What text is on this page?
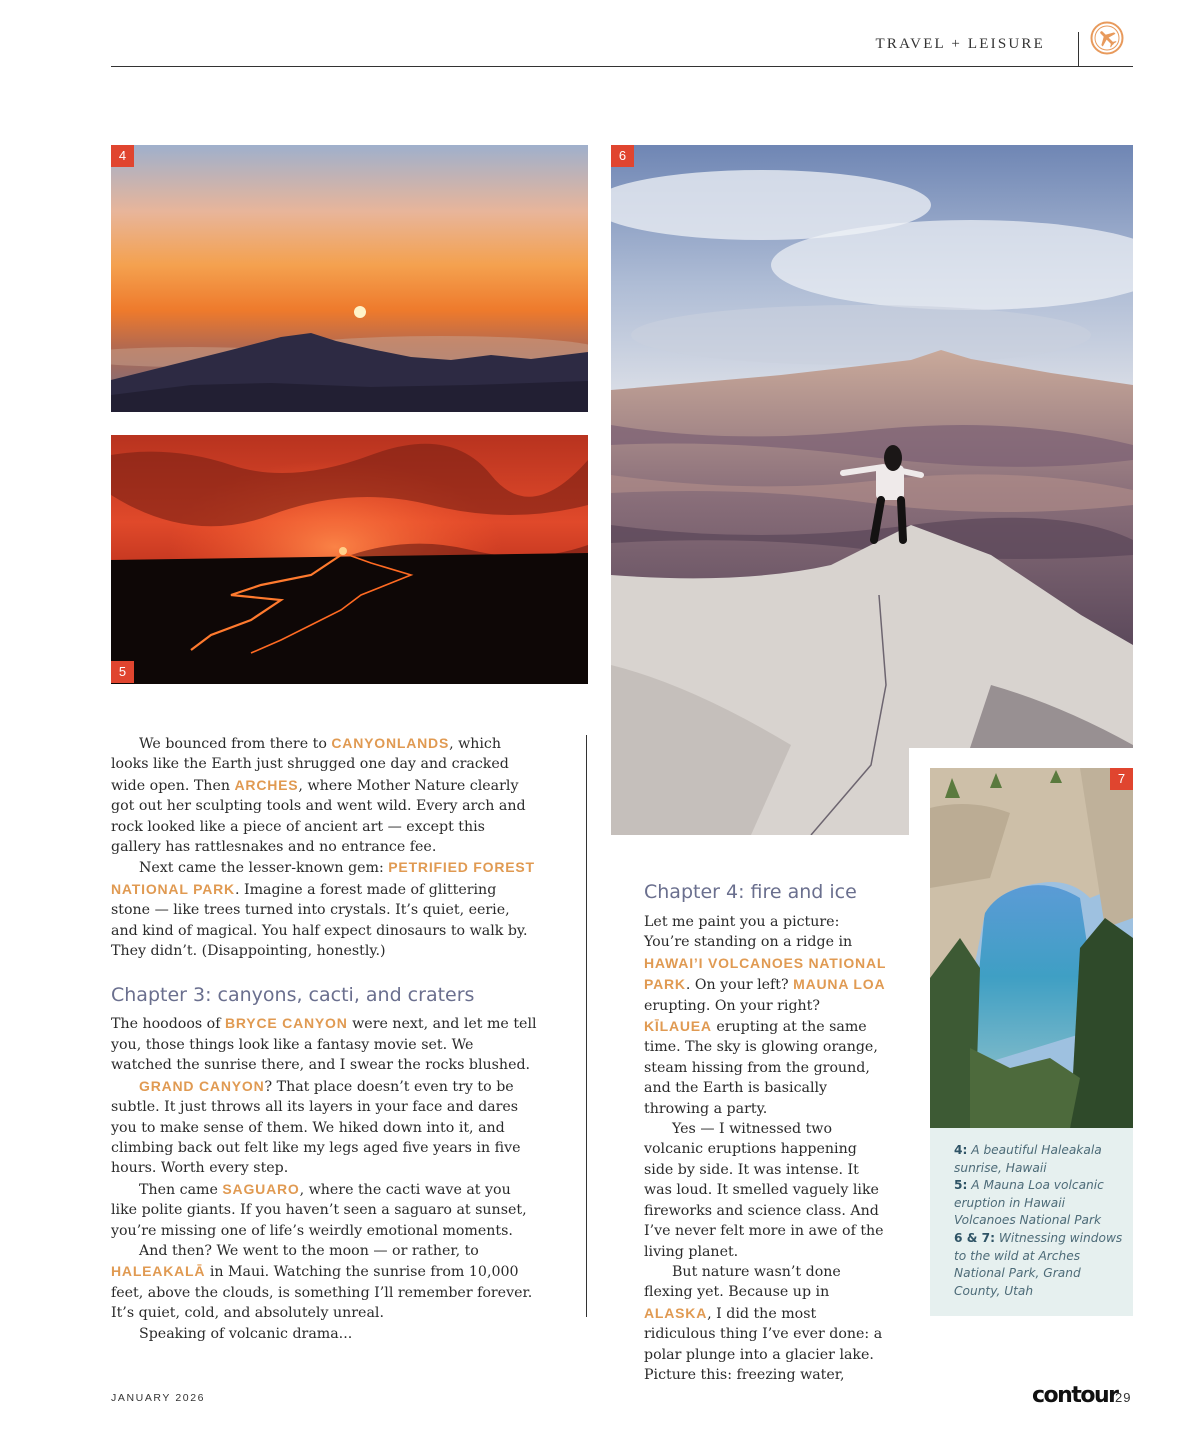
TRAVEL + LEISURE
4
5
6
7

We bounced from there to CANYONLANDS, which looks like the Earth just shrugged one day and cracked wide open. Then ARCHES, where Mother Nature clearly got out her sculpting tools and went wild. Every arch and rock looked like a piece of ancient art — except this gallery has rattlesnakes and no entrance fee.

Next came the lesser-known gem: PETRIFIED FOREST NATIONAL PARK. Imagine a forest made of glittering stone — like trees turned into crystals. It’s quiet, eerie, and kind of magical. You half expect dinosaurs to walk by. They didn’t. (Disappointing, honestly.)

Chapter 3: canyons, cacti, and craters

The hoodoos of BRYCE CANYON were next, and let me tell you, those things look like a fantasy movie set. We watched the sunrise there, and I swear the rocks blushed.

GRAND CANYON? That place doesn’t even try to be subtle. It just throws all its layers in your face and dares you to make sense of them. We hiked down into it, and climbing back out felt like my legs aged five years in five hours. Worth every step.

Then came SAGUARO, where the cacti wave at you like polite giants. If you haven’t seen a saguaro at sunset, you’re missing one of life’s weirdly emotional moments.

And then? We went to the moon — or rather, to HALEAKALĀ in Maui. Watching the sunrise from 10,000 feet, above the clouds, is something I’ll remember forever. It’s quiet, cold, and absolutely unreal.

Speaking of volcanic drama...

Chapter 4: fire and ice

Let me paint you a picture: You’re standing on a ridge in HAWAI’I VOLCANOES NATIONAL PARK. On your left? MAUNA LOA erupting. On your right? KĪLAUEA erupting at the same time. The sky is glowing orange, steam hissing from the ground, and the Earth is basically throwing a party.

Yes — I witnessed two volcanic eruptions happening side by side. It was intense. It was loud. It smelled vaguely like fireworks and science class. And I’ve never felt more in awe of the living planet.

But nature wasn’t done flexing yet. Because up in ALASKA, I did the most ridiculous thing I’ve ever done: a polar plunge into a glacier lake. Picture this: freezing water,

4: A beautiful Haleakala sunrise, Hawaii
5: A Mauna Loa volcanic eruption in Hawaii Volcanoes National Park
6 & 7: Witnessing windows to the wild at Arches National Park, Grand County, Utah
JANUARY 2026	contour
29
